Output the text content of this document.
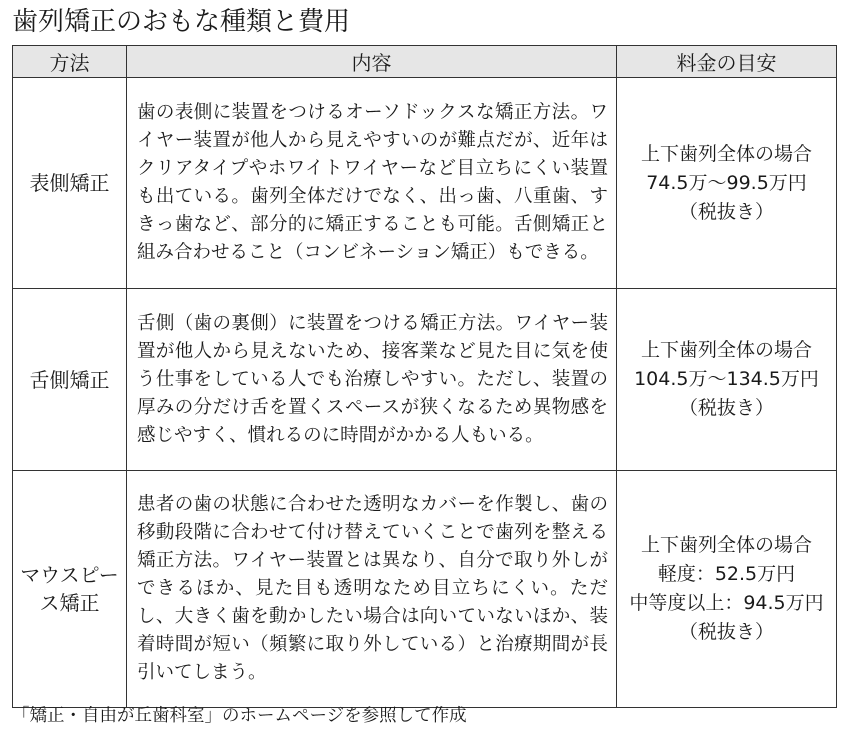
歯列矯正のおもな種類と費用
方法	内容	料金の目安
表側矯正	歯の表側に装置をつけるオーソドックスな矯正方法。ワイヤー装置が他人から見えやすいのが難点だが、近年はクリアタイプやホワイトワイヤーなど目立ちにくい装置も出ている。歯列全体だけでなく、出っ歯、八重歯、すきっ歯など、部分的に矯正することも可能。舌側矯正と組み合わせること（コンビネーション矯正）もできる。	上下歯列全体の場合
74.5万～99.5万円
（税抜き）

舌側矯正	舌側（歯の裏側）に装置をつける矯正方法。ワイヤー装置が他人から見えないため、接客業など見た目に気を使う仕事をしている人でも治療しやすい。ただし、装置の厚みの分だけ舌を置くスペースが狭くなるため異物感を感じやすく、慣れるのに時間がかかる人もいる。	上下歯列全体の場合
104.5万～134.5万円
（税抜き）

マウスピース矯正	患者の歯の状態に合わせた透明なカバーを作製し、歯の移動段階に合わせて付け替えていくことで歯列を整える矯正方法。ワイヤー装置とは異なり、自分で取り外しができるほか、見た目も透明なため目立ちにくい。ただし、大きく歯を動かしたい場合は向いていないほか、装着時間が短い（頻繁に取り外している）と治療期間が長引いてしまう。	上下歯列全体の場合
軽度：52.5万円
中等度以上：94.5万円
（税抜き）
「矯正・自由が丘歯科室」のホームページを参照して作成
